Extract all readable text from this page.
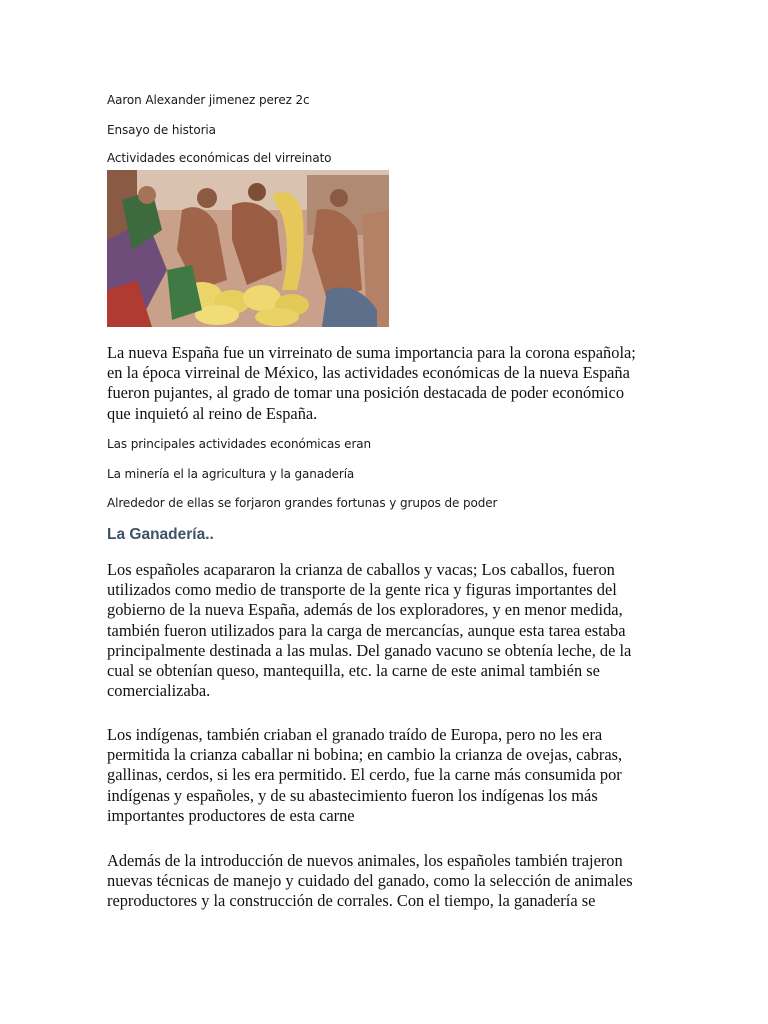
Aaron Alexander jimenez perez 2c
Ensayo de historia
Actividades económicas del virreinato
La nueva España fue un virreinato de suma importancia para la corona española;
en la época virreinal de México, las actividades económicas de la nueva España
fueron pujantes, al grado de tomar una posición destacada de poder económico
que inquietó al reino de España.
Las principales actividades económicas eran
La minería el la agricultura y la ganadería
Alrededor de ellas se forjaron grandes fortunas y grupos de poder
La Ganadería..
Los españoles acapararon la crianza de caballos y vacas; Los caballos, fueron
utilizados como medio de transporte de la gente rica y figuras importantes del
gobierno de la nueva España, además de los exploradores, y en menor medida,
también fueron utilizados para la carga de mercancías, aunque esta tarea estaba
principalmente destinada a las mulas. Del ganado vacuno se obtenía leche, de la
cual se obtenían queso, mantequilla, etc. la carne de este animal también se
comercializaba.
Los indígenas, también criaban el granado traído de Europa, pero no les era
permitida la crianza caballar ni bobina; en cambio la crianza de ovejas, cabras,
gallinas, cerdos, si les era permitido. El cerdo, fue la carne más consumida por
indígenas y españoles, y de su abastecimiento fueron los indígenas los más
importantes productores de esta carne
Además de la introducción de nuevos animales, los españoles también trajeron
nuevas técnicas de manejo y cuidado del ganado, como la selección de animales
reproductores y la construcción de corrales. Con el tiempo, la ganadería se
